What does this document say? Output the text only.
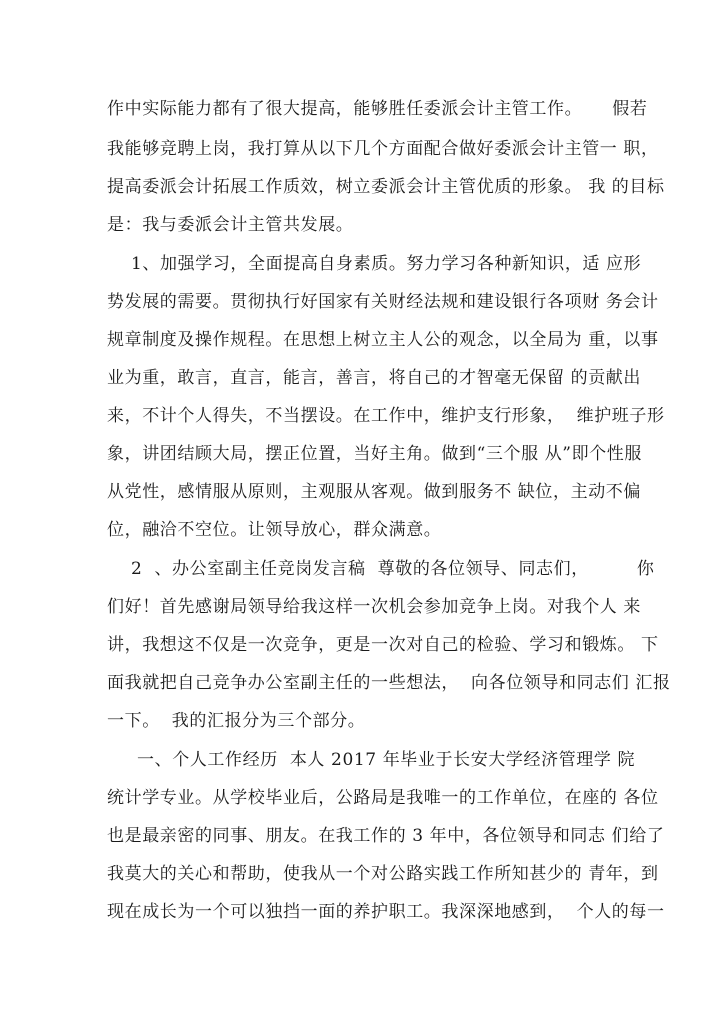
作中实际能力都有了很大提高，能够胜任委派会计主管工作。     假若
我能够竞聘上岗，我打算从以下几个方面配合做好委派会计主管一 职，
提高委派会计拓展工作质效，树立委派会计主管优质的形象。 我 的目标
是：我与委派会计主管共发展。
1、加强学习，全面提高自身素质。努力学习各种新知识，适 应形
势发展的需要。贯彻执行好国家有关财经法规和建设银行各项财 务会计
规章制度及操作规程。在思想上树立主人公的观念，以全局为 重，以事
业为重，敢言，直言，能言，善言，将自己的才智毫无保留 的贡献出
来，不计个人得失，不当摆设。在工作中，维护支行形象，  维护班子形
象，讲团结顾大局，摆正位置，当好主角。做到“三个服 从”即个性服
从党性，感情服从原则，主观服从客观。做到服务不 缺位，主动不偏
位，融洽不空位。让领导放心，群众满意。
2  、办公室副主任竞岗发言稿  尊敬的各位领导、同志们，        你
们好！首先感谢局领导给我这样一次机会参加竞争上岗。对我个人 来
讲，我想这不仅是一次竞争，更是一次对自己的检验、学习和锻炼。 下
面我就把自己竞争办公室副主任的一些想法，  向各位领导和同志们 汇报
一下。  我的汇报分为三个部分。
一、个人工作经历  本人 2017 年毕业于长安大学经济管理学 院
统计学专业。从学校毕业后，公路局是我唯一的工作单位，在座的 各位
也是最亲密的同事、朋友。在我工作的 3 年中，各位领导和同志 们给了
我莫大的关心和帮助，使我从一个对公路实践工作所知甚少的 青年，到
现在成长为一个可以独挡一面的养护职工。我深深地感到，  个人的每一
